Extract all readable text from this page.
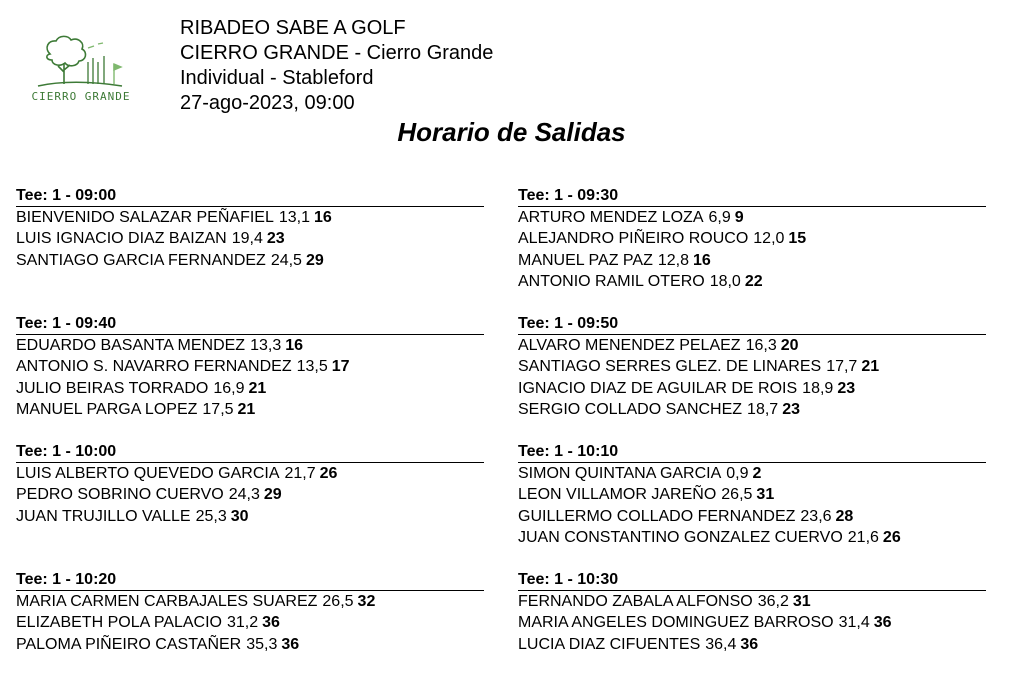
CIERRO GRANDE
RIBADEO SABE A GOLF
CIERRO GRANDE - Cierro Grande
Individual - Stableford
27-ago-2023, 09:00
Horario de Salidas
Tee: 1 - 09:00
BIENVENIDO SALAZAR PEÑAFIEL 13,1 16
LUIS IGNACIO DIAZ BAIZAN 19,4 23
SANTIAGO GARCIA FERNANDEZ 24,5 29
Tee: 1 - 09:30
ARTURO MENDEZ LOZA 6,9 9
ALEJANDRO PIÑEIRO ROUCO 12,0 15
MANUEL PAZ PAZ 12,8 16
ANTONIO RAMIL OTERO 18,0 22
Tee: 1 - 09:40
EDUARDO BASANTA MENDEZ 13,3 16
ANTONIO S. NAVARRO FERNANDEZ 13,5 17
JULIO BEIRAS TORRADO 16,9 21
MANUEL PARGA LOPEZ 17,5 21
Tee: 1 - 09:50
ALVARO MENENDEZ PELAEZ 16,3 20
SANTIAGO SERRES GLEZ. DE LINARES 17,7 21
IGNACIO DIAZ DE AGUILAR DE ROIS 18,9 23
SERGIO COLLADO SANCHEZ 18,7 23
Tee: 1 - 10:00
LUIS ALBERTO QUEVEDO GARCIA 21,7 26
PEDRO SOBRINO CUERVO 24,3 29
JUAN TRUJILLO VALLE 25,3 30
Tee: 1 - 10:10
SIMON QUINTANA GARCIA 0,9 2
LEON VILLAMOR JAREÑO 26,5 31
GUILLERMO COLLADO FERNANDEZ 23,6 28
JUAN CONSTANTINO GONZALEZ CUERVO 21,6 26
Tee: 1 - 10:20
MARIA CARMEN CARBAJALES SUAREZ 26,5 32
ELIZABETH POLA PALACIO 31,2 36
PALOMA PIÑEIRO CASTAÑER 35,3 36
Tee: 1 - 10:30
FERNANDO ZABALA ALFONSO 36,2 31
MARIA ANGELES DOMINGUEZ BARROSO 31,4 36
LUCIA DIAZ CIFUENTES 36,4 36
